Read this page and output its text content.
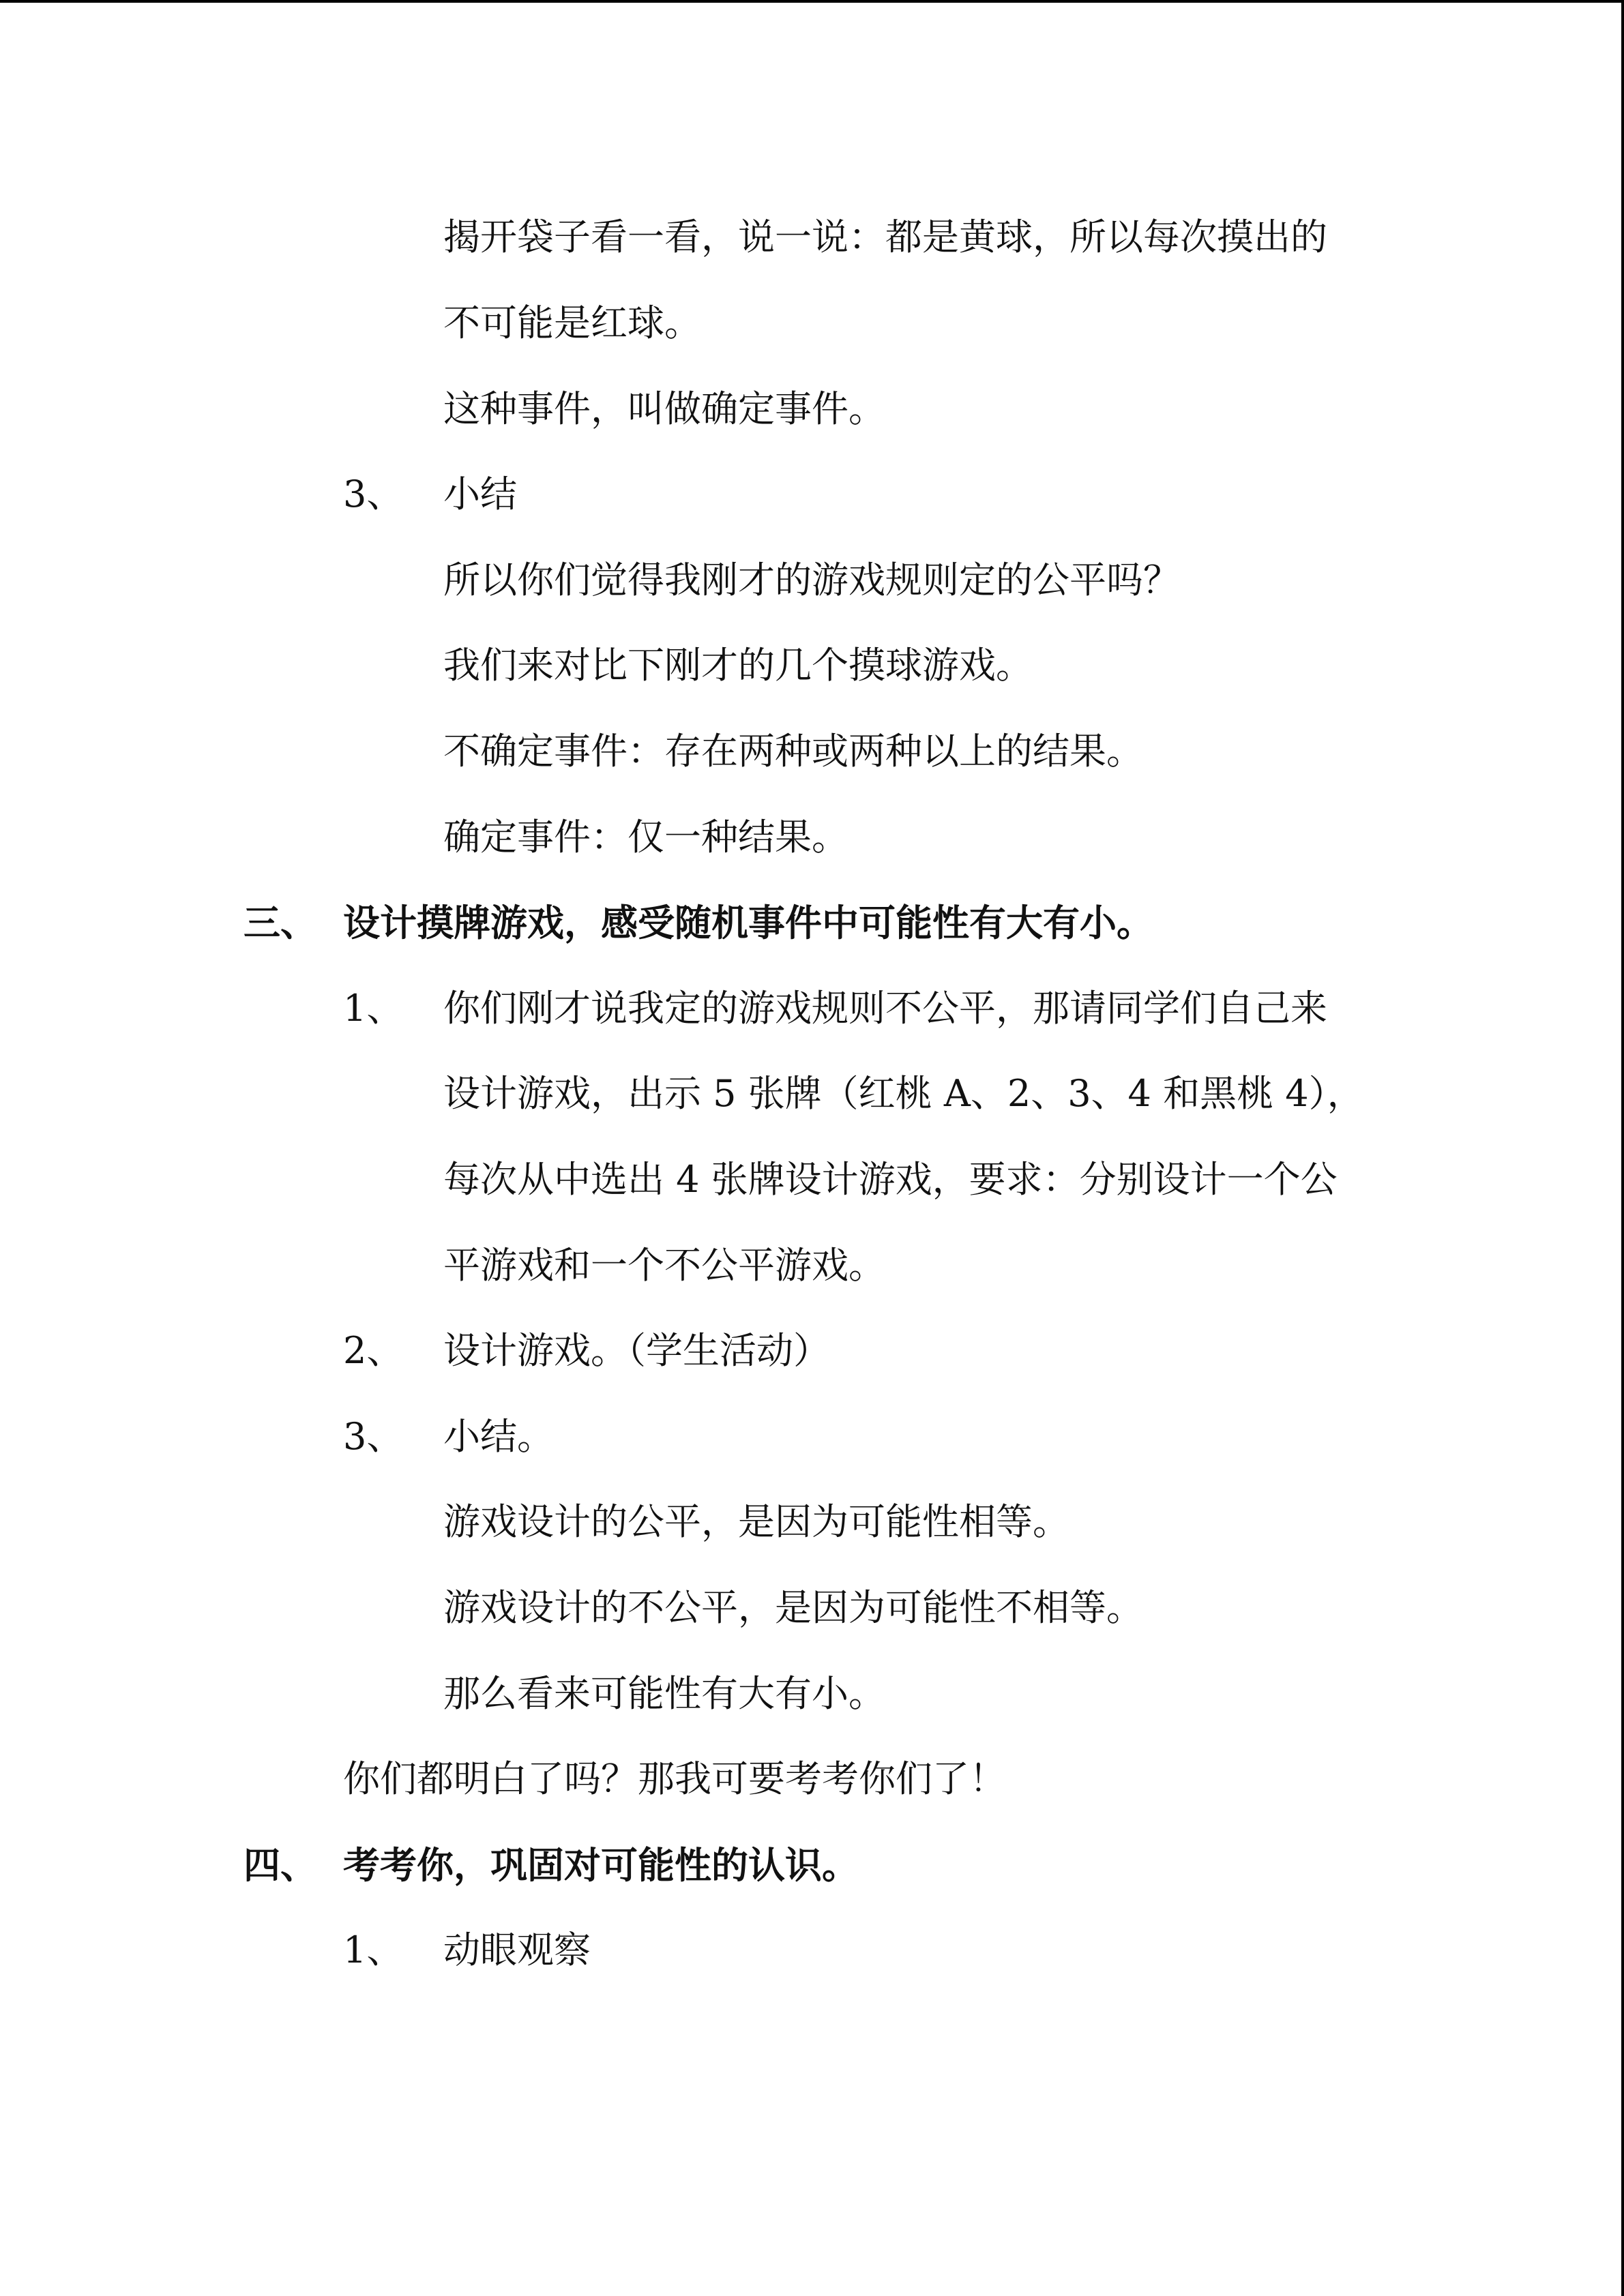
揭开袋子看一看，说一说：都是黄球，所以每次摸出的
不可能是红球。
这种事件，叫做确定事件。
3、 小结
所以你们觉得我刚才的游戏规则定的公平吗？
我们来对比下刚才的几个摸球游戏。
不确定事件：存在两种或两种以上的结果。
确定事件：仅一种结果。
三、 设计摸牌游戏，感受随机事件中可能性有大有小。
1、 你们刚才说我定的游戏规则不公平，那请同学们自己来
设计游戏，出示 5 张牌（红桃 A、2、3、4 和黑桃 4），
每次从中选出 4 张牌设计游戏，要求：分别设计一个公
平游戏和一个不公平游戏。
2、 设计游戏。（学生活动）
3、 小结。
游戏设计的公平，是因为可能性相等。
游戏设计的不公平，是因为可能性不相等。
那么看来可能性有大有小。
你们都明白了吗？那我可要考考你们了！
四、 考考你，巩固对可能性的认识。
1、 动眼观察
